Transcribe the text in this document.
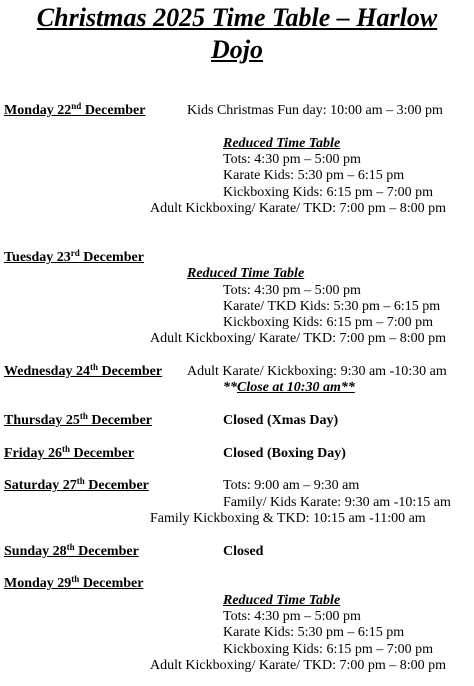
Christmas 2025 Time Table – Harlow
Dojo
Monday 22nd December	Kids Christmas Fun day: 10:00 am – 3:00 pm
Reduced Time Table
Tots: 4:30 pm – 5:00 pm
Karate Kids: 5:30 pm – 6:15 pm
Kickboxing Kids: 6:15 pm – 7:00 pm
Adult Kickboxing/ Karate/ TKD: 7:00 pm – 8:00 pm
Tuesday 23rd December
Reduced Time Table
Tots: 4:30 pm – 5:00 pm
Karate/ TKD Kids: 5:30 pm – 6:15 pm
Kickboxing Kids: 6:15 pm – 7:00 pm
Adult Kickboxing/ Karate/ TKD: 7:00 pm – 8:00 pm
Wednesday 24th December Adult Karate/ Kickboxing: 9:30 am -10:30 am
**Close at 10:30 am**
Thursday 25th December	Closed (Xmas Day)
Friday 26th December	Closed (Boxing Day)
Saturday 27th December	Tots: 9:00 am – 9:30 am
Family/ Kids Karate: 9:30 am -10:15 am
Family Kickboxing & TKD: 10:15 am -11:00 am
Sunday 28th December	Closed
Monday 29th December
Reduced Time Table
Tots: 4:30 pm – 5:00 pm
Karate Kids: 5:30 pm – 6:15 pm
Kickboxing Kids: 6:15 pm – 7:00 pm
Adult Kickboxing/ Karate/ TKD: 7:00 pm – 8:00 pm
